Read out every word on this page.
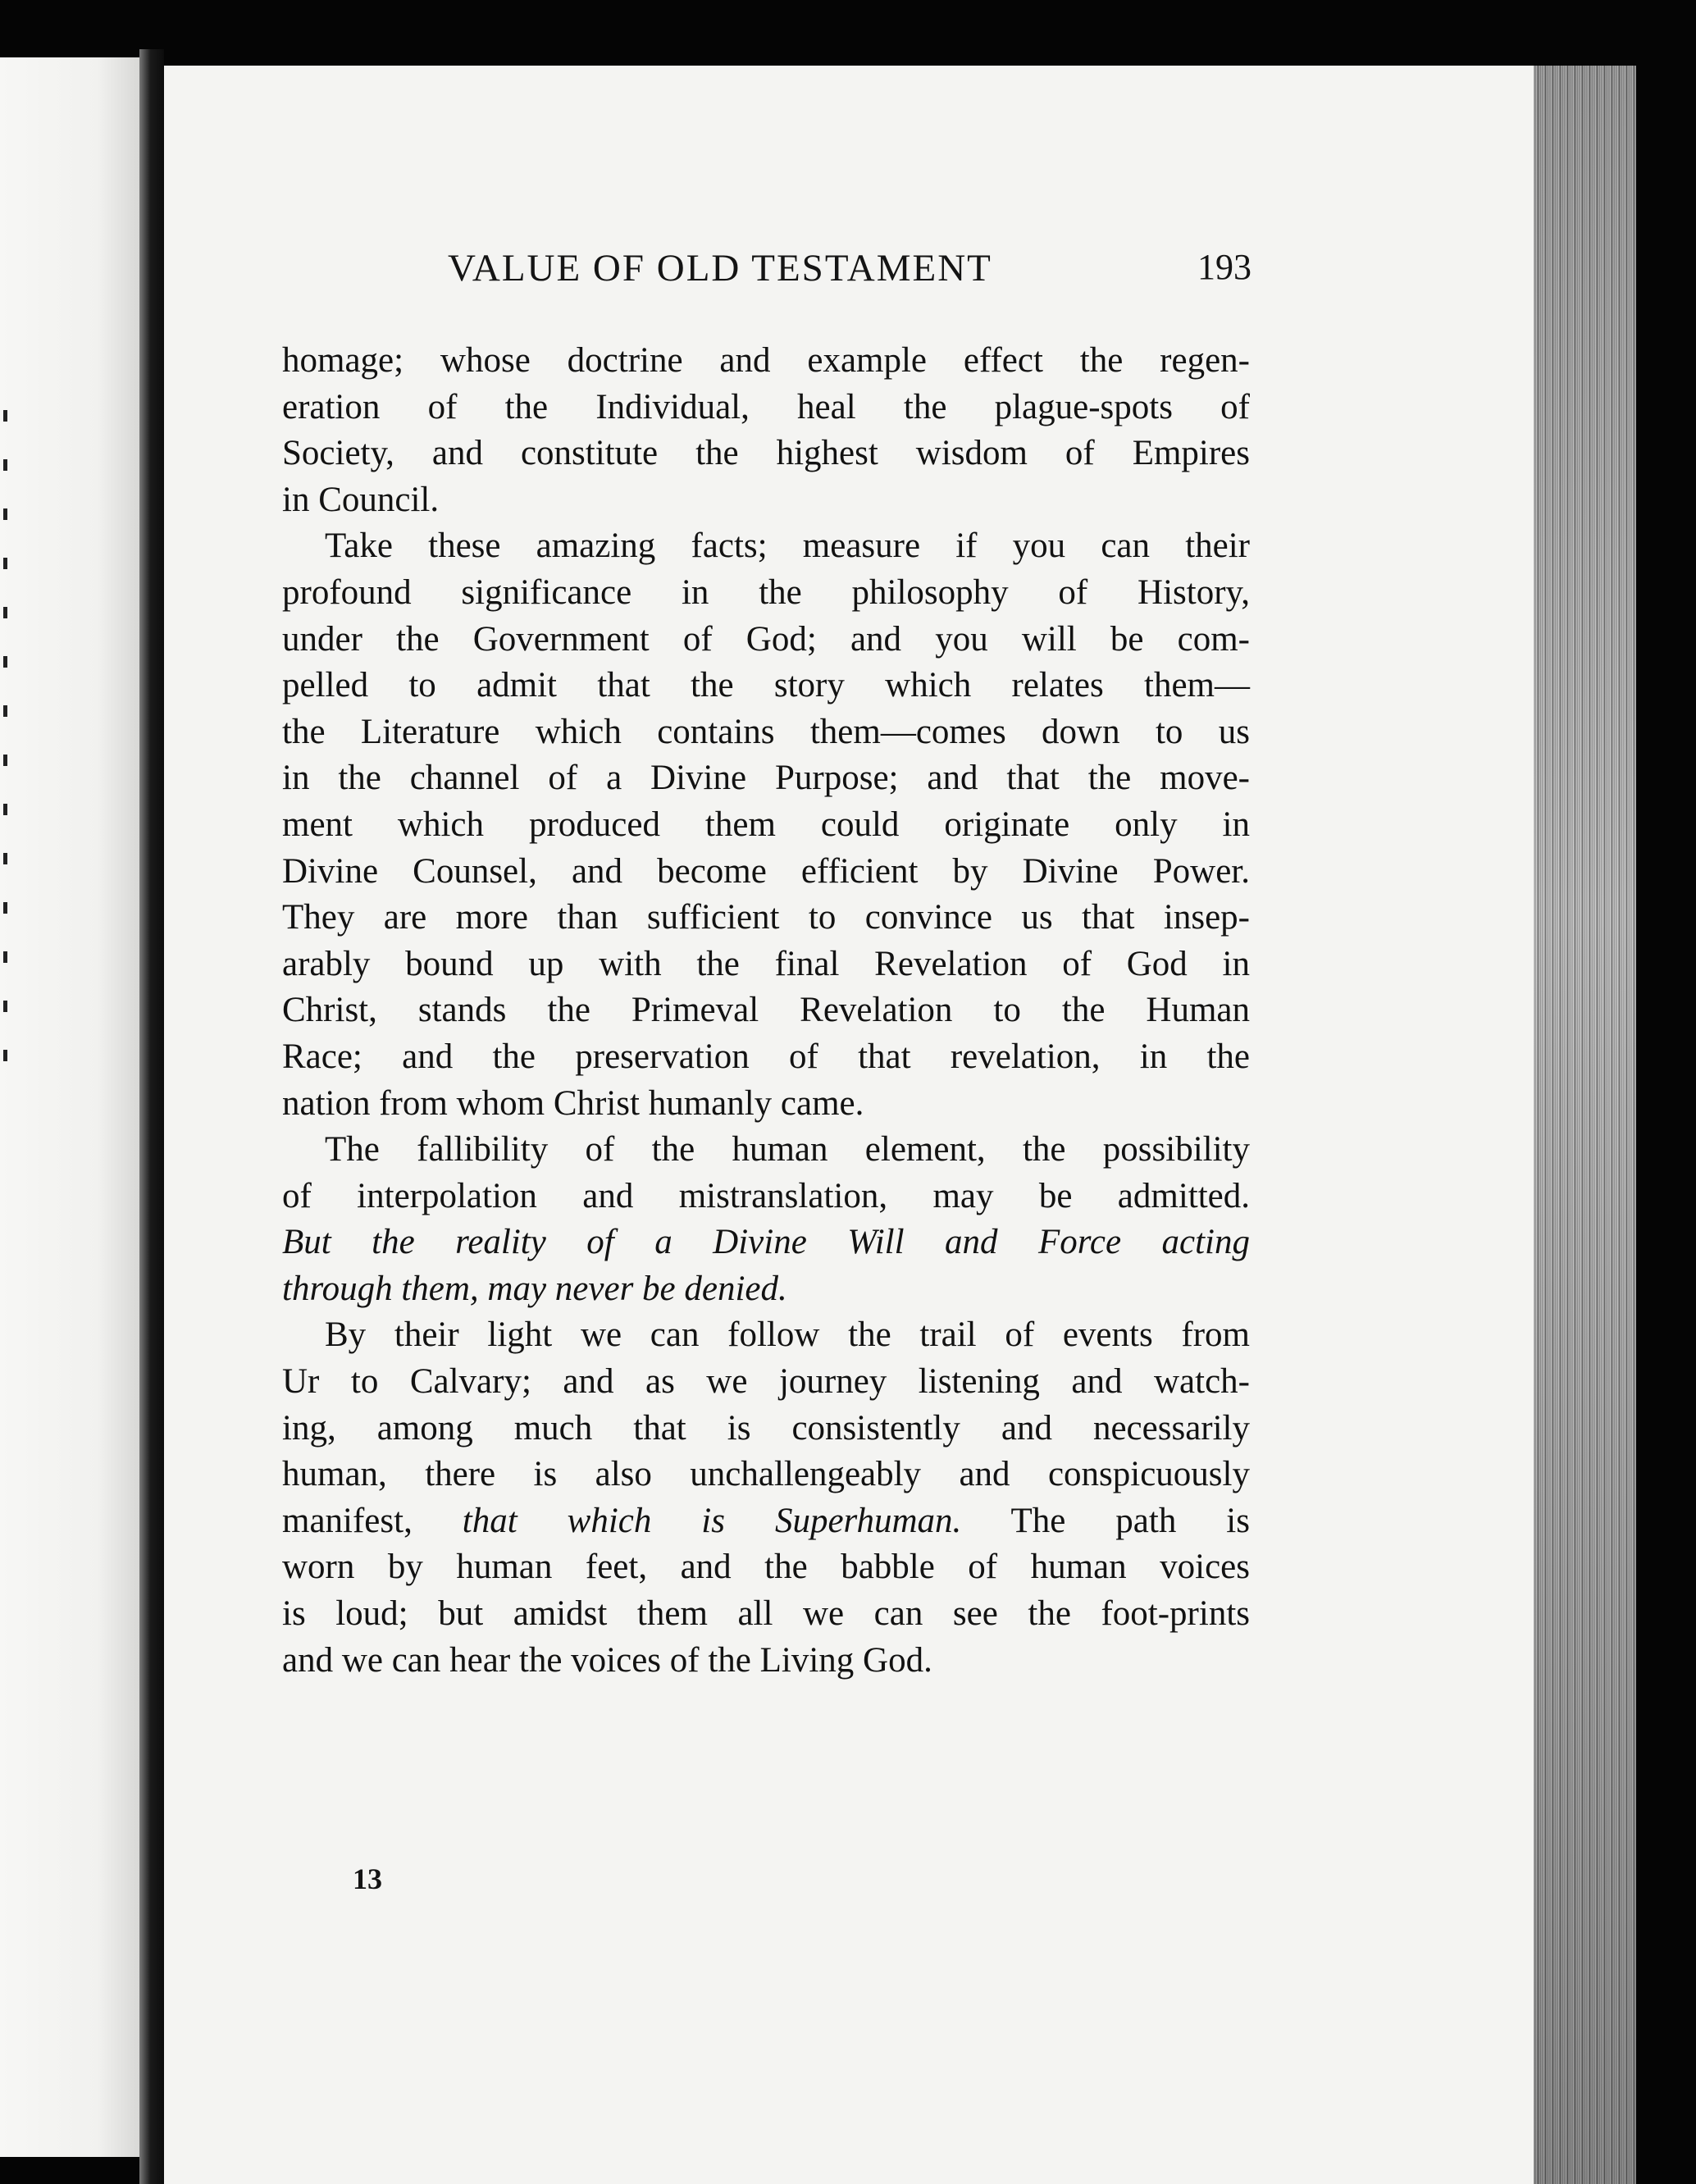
VALUE OF OLD TESTAMENT	193

homage; whose doctrine and example effect the regen-
eration of the Individual, heal the plague-spots of
Society, and constitute the highest wisdom of Empires
in Council.

Take these amazing facts; measure if you can their
profound significance in the philosophy of History,
under the Government of God; and you will be com-
pelled to admit that the story which relates them—
the Literature which contains them—comes down to us
in the channel of a Divine Purpose; and that the move-
ment which produced them could originate only in
Divine Counsel, and become efficient by Divine Power.
They are more than sufficient to convince us that insep-
arably bound up with the final Revelation of God in
Christ, stands the Primeval Revelation to the Human
Race; and the preservation of that revelation, in the
nation from whom Christ humanly came.

The fallibility of the human element, the possibility
of interpolation and mistranslation, may be admitted.
But the reality of a Divine Will and Force acting
through them, may never be denied.

By their light we can follow the trail of events from
Ur to Calvary; and as we journey listening and watch-
ing, among much that is consistently and necessarily
human, there is also unchallengeably and conspicuously
manifest, that which is Superhuman. The path is
worn by human feet, and the babble of human voices
is loud; but amidst them all we can see the foot-prints
and we can hear the voices of the Living God.

13
